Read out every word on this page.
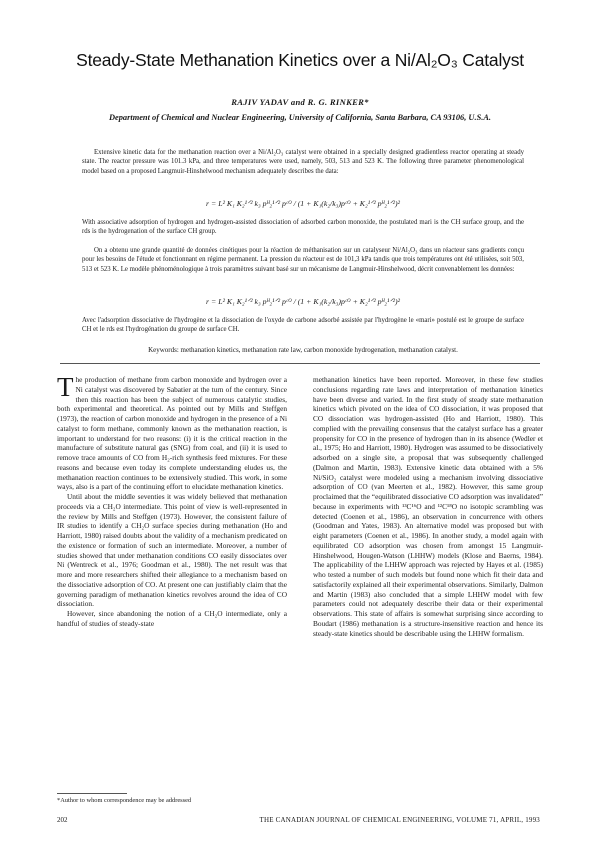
Steady-State Methanation Kinetics over a Ni/Al₂O₃ Catalyst
RAJIV YADAV and R. G. RINKER*
Department of Chemical and Nuclear Engineering, University of California, Santa Barbara, CA 93106, U.S.A.

Extensive kinetic data for the methanation reaction over a Ni/Al₂O₃ catalyst were obtained in a specially designed gradientless reactor operating at steady state. The reactor pressure was 101.3 kPa, and three temperatures were used, namely, 503, 513 and 523 K. The following three parameter phenomenological model based on a proposed Langmuir-Hinshelwood mechanism adequately describes the data:

r = L² K₁ K₂¹ᐟ² k₃ pᴴ₂¹ᐟ² pᶜᴼ / (1 + K₁(k₂/k₃)pᶜᴼ + K₂¹ᐟ² pᴴ₂¹ᐟ²)²

With associative adsorption of hydrogen and hydrogen-assisted dissociation of adsorbed carbon monoxide, the postulated mari is the CH surface group, and the rds is the hydrogenation of the surface CH group.

On a obtenu une grande quantité de données cinétiques pour la réaction de méthanisation sur un catalyseur Ni/Al₂O₃ dans un réacteur sans gradients conçu pour les besoins de l'étude et fonctionnant en régime permanent. La pression du réacteur est de 101,3 kPa tandis que trois températures ont été utilisées, soit 503, 513 et 523 K. Le modèle phénoménologique à trois paramètres suivant basé sur un mécanisme de Langmuir-Hinshelwood, décrit convenablement les données:

r = L² K₁ K₂¹ᐟ² k₃ pᴴ₂¹ᐟ² pᶜᴼ / (1 + K₁(k₂/k₃)pᶜᴼ + K₂¹ᐟ² pᴴ₂¹ᐟ²)²

Avec l'adsorption dissociative de l'hydrogène et la dissociation de l'oxyde de carbone adsorbé assistée par l'hydrogène le «mari» postulé est le groupe de surface CH et le rds est l'hydrogénation du groupe de surface CH.

Keywords: methanation kinetics, methanation rate law, carbon monoxide hydrogenation, methanation catalyst.

The production of methane from carbon monoxide and hydrogen over a Ni catalyst was discovered by Sabatier at the turn of the century. Since then this reaction has been the subject of numerous catalytic studies, both experimental and theoretical. As pointed out by Mills and Steffgen (1973), the reaction of carbon monoxide and hydrogen in the presence of a Ni catalyst to form methane, commonly known as the methanation reaction, is important to understand for two reasons: (i) it is the critical reaction in the manufacture of substitute natural gas (SNG) from coal, and (ii) it is used to remove trace amounts of CO from H₂-rich synthesis feed mixtures. For these reasons and because even today its complete understanding eludes us, the methanation reaction continues to be extensively studied. This work, in some ways, also is a part of the continuing effort to elucidate methanation kinetics.

Until about the middle seventies it was widely believed that methanation proceeds via a CH₂O intermediate. This point of view is well-represented in the review by Mills and Steffgen (1973). However, the consistent failure of IR studies to identify a CH₂O surface species during methanation (Ho and Harriott, 1980) raised doubts about the validity of a mechanism predicated on the existence or formation of such an intermediate. Moreover, a number of studies showed that under methanation conditions CO easily dissociates over Ni (Wentreck et al., 1976; Goodman et al., 1980). The net result was that more and more researchers shifted their allegiance to a mechanism based on the dissociative adsorption of CO. At present one can justifiably claim that the governing paradigm of methanation kinetics revolves around the idea of CO dissociation.

However, since abandoning the notion of a CH₂O intermediate, only a handful of studies of steady-state

methanation kinetics have been reported. Moreover, in these few studies conclusions regarding rate laws and interpretation of methanation kinetics have been diverse and varied. In the first study of steady state methanation kinetics which pivoted on the idea of CO dissociation, it was proposed that CO dissociation was hydrogen-assisted (Ho and Harriott, 1980). This complied with the prevailing consensus that the catalyst surface has a greater propensity for CO in the presence of hydrogen than in its absence (Wedler et al., 1975; Ho and Harriott, 1980). Hydrogen was assumed to be dissociatively adsorbed on a single site, a proposal that was subsequently challenged (Dalmon and Martin, 1983). Extensive kinetic data obtained with a 5% Ni/SiO₂ catalyst were modeled using a mechanism involving dissociative adsorption of CO (van Meerten et al., 1982). However, this same group proclaimed that the “equilibrated dissociative CO adsorption was invalidated” because in experiments with ¹³C¹⁶O and ¹²C¹⁸O no isotopic scrambling was detected (Coenen et al., 1986), an observation in concurrence with others (Goodman and Yates, 1983). An alternative model was proposed but with eight parameters (Coenen et al., 1986). In another study, a model again with equilibrated CO adsorption was chosen from amongst 15 Langmuir-Hinshelwood, Hougen-Watson (LHHW) models (Klose and Baerns, 1984). The applicability of the LHHW approach was rejected by Hayes et al. (1985) who tested a number of such models but found none which fit their data and satisfactorily explained all their experimental observations. Similarly, Dalmon and Martin (1983) also concluded that a simple LHHW model with few parameters could not adequately describe their data or their experimental observations. This state of affairs is somewhat surprising since according to Boudart (1986) methanation is a structure-insensitive reaction and hence its steady-state kinetics should be describable using the LHHW formalism.

*Author to whom correspondence may be addressed
202	THE CANADIAN JOURNAL OF CHEMICAL ENGINEERING, VOLUME 71, APRIL, 1993
